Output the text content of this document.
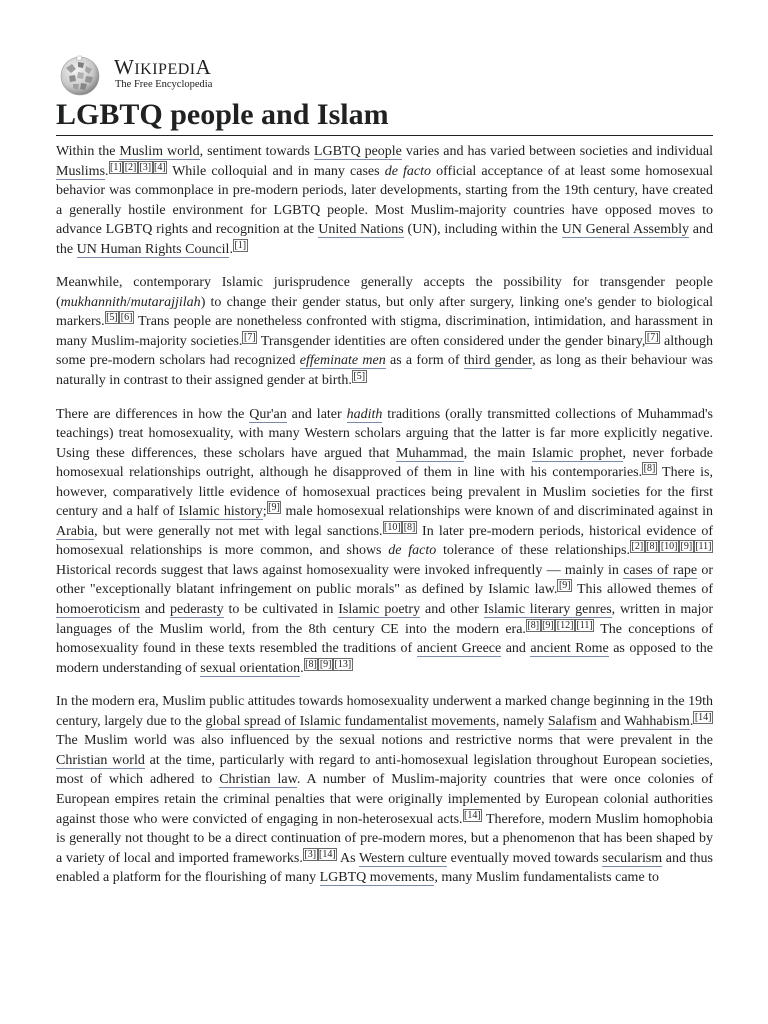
WIKIPEDIA
The Free Encyclopedia
LGBTQ people and Islam

Within the Muslim world, sentiment towards LGBTQ people varies and has varied between societies and individual Muslims. [1] [2] [3] [4] While colloquial and in many cases de facto official acceptance of at least some homosexual behavior was commonplace in pre-modern periods, later developments, starting from the 19th century, have created a generally hostile environment for LGBTQ people. Most Muslim-majority countries have opposed moves to advance LGBTQ rights and recognition at the United Nations (UN), including within the UN General Assembly and the UN Human Rights Council. [1]

Meanwhile, contemporary Islamic jurisprudence generally accepts the possibility for transgender people (mukhannith/mutarajjilah) to change their gender status, but only after surgery, linking one's gender to biological markers. [5] [6] Trans people are nonetheless confronted with stigma, discrimination, intimidation, and harassment in many Muslim-majority societies. [7] Transgender identities are often considered under the gender binary, [7] although some pre-modern scholars had recognized effeminate men as a form of third gender, as long as their behaviour was naturally in contrast to their assigned gender at birth. [5]

There are differences in how the Qur'an and later hadith traditions (orally transmitted collections of Muhammad's teachings) treat homosexuality, with many Western scholars arguing that the latter is far more explicitly negative. Using these differences, these scholars have argued that Muhammad, the main Islamic prophet, never forbade homosexual relationships outright, although he disapproved of them in line with his contemporaries. [8] There is, however, comparatively little evidence of homosexual practices being prevalent in Muslim societies for the first century and a half of Islamic history; [9] male homosexual relationships were known of and discriminated against in Arabia, but were generally not met with legal sanctions. [10] [8] In later pre-modern periods, historical evidence of homosexual relationships is more common, and shows de facto tolerance of these relationships. [2] [8] [10] [9] [11] Historical records suggest that laws against homosexuality were invoked infrequently — mainly in cases of rape or other "exceptionally blatant infringement on public morals" as defined by Islamic law. [9] This allowed themes of homoeroticism and pederasty to be cultivated in Islamic poetry and other Islamic literary genres, written in major languages of the Muslim world, from the 8th century CE into the modern era. [8] [9] [12] [11] The conceptions of homosexuality found in these texts resembled the traditions of ancient Greece and ancient Rome as opposed to the modern understanding of sexual orientation. [8] [9] [13]

In the modern era, Muslim public attitudes towards homosexuality underwent a marked change beginning in the 19th century, largely due to the global spread of Islamic fundamentalist movements, namely Salafism and Wahhabism. [14] The Muslim world was also influenced by the sexual notions and restrictive norms that were prevalent in the Christian world at the time, particularly with regard to anti-homosexual legislation throughout European societies, most of which adhered to Christian law. A number of Muslim-majority countries that were once colonies of European empires retain the criminal penalties that were originally implemented by European colonial authorities against those who were convicted of engaging in non-heterosexual acts. [14] Therefore, modern Muslim homophobia is generally not thought to be a direct continuation of pre-modern mores, but a phenomenon that has been shaped by a variety of local and imported frameworks. [3] [14] As Western culture eventually moved towards secularism and thus enabled a platform for the flourishing of many LGBTQ movements, many Muslim fundamentalists came to
